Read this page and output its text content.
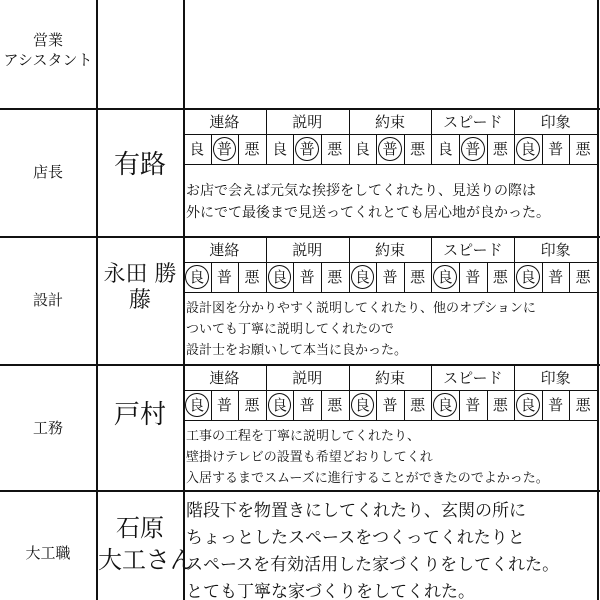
営業
アシスタント
店長
設計
工務
大工職
有路
永田 勝藤
戸村
石原
大工さん
連絡
良 普 悪
説明
良 普 悪
約束
良 普 悪
スピード
良 普 悪
印象
良 普 悪
連絡
良 普 悪
説明
良 普 悪
約束
良 普 悪
スピード
良 普 悪
印象
良 普 悪
連絡
良 普 悪
説明
良 普 悪
約束
良 普 悪
スピード
良 普 悪
印象
良 普 悪
お店で会えば元気な挨拶をしてくれたり、見送りの際は
外にでて最後まで見送ってくれとても居心地が良かった。
設計図を分かりやすく説明してくれたり、他のオプションに
ついても丁寧に説明してくれたので
設計士をお願いして本当に良かった。
工事の工程を丁寧に説明してくれたり、
壁掛けテレビの設置も希望どおりしてくれ
入居するまでスムーズに進行することができたのでよかった。
階段下を物置きにしてくれたり、玄関の所に
ちょっとしたスペースをつくってくれたりと
スペースを有効活用した家づくりをしてくれた。
とても丁寧な家づくりをしてくれた。
